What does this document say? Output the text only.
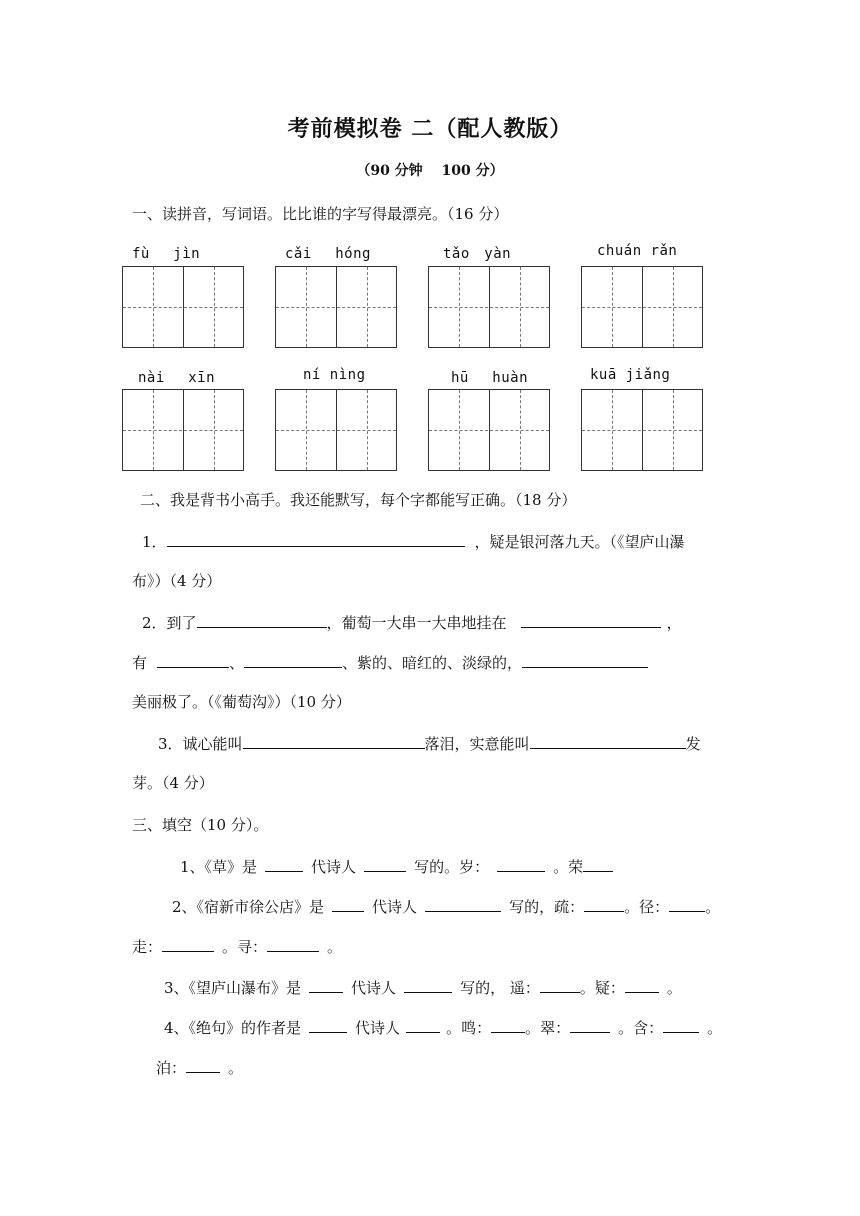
考前模拟卷 二（配人教版）
（90 分钟　 100 分）
一、读拼音，写词语。比比谁的字写得最漂亮。（16 分）
fù　 jìn	cǎi　 hóng	tǎo　yàn	chuán rǎn
nài　 xīn	ní nìng	hū　 huàn	kuā jiǎng
二、我是背书小高手。我还能默写，每个字都能写正确。（18 分）
1．	，疑是银河落九天。（《望庐山瀑
布》）（4 分）
2．到了	，葡萄一大串一大串地挂在	，
有	、	、紫的、暗红的、淡绿的，
美丽极了。（《葡萄沟》）（10 分）
3．诚心能叫	落泪，实意能叫	发
芽。（4 分）
三、填空（10 分）。
1、《草》是	代诗人	写的。岁：	。荣
2、《宿新市徐公店》是	代诗人	写的，疏：	。径： 。
走：	。寻：	。
3、《望庐山瀑布》是	代诗人	写的， 遥：	。疑：	。
4、《绝句》的作者是	代诗人	。鸣： 。翠：	。含：	。
泊：	。
